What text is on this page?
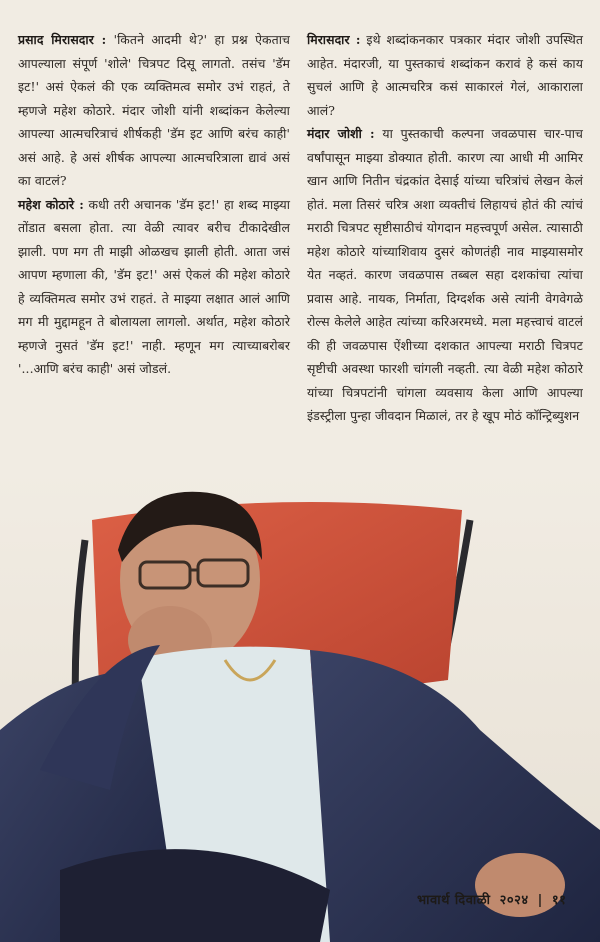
प्रसाद मिरासदार : 'कितने आदमी थे?' हा प्रश्न ऐकताच आपल्याला संपूर्ण 'शोले' चित्रपट दिसू लागतो. तसंच 'डॅम इट!' असं ऐकलं की एक व्यक्तिमत्व समोर उभं राहतं, ते म्हणजे महेश कोठारे. मंदार जोशी यांनी शब्दांकन केलेल्या आपल्या आत्मचरित्राचं शीर्षकही 'डॅम इट आणि बरंच काही' असं आहे. हे असं शीर्षक आपल्या आत्मचरित्राला द्यावं असं का वाटलं?

महेश कोठारे : कधी तरी अचानक 'डॅम इट!' हा शब्द माझ्या तोंडात बसला होता. त्या वेळी त्यावर बरीच टीकादेखील झाली. पण मग ती माझी ओळखच झाली होती. आता जसं आपण म्हणाला की, 'डॅम इट!' असं ऐकलं की महेश कोठारे हे व्यक्तिमत्व समोर उभं राहतं. ते माझ्या लक्षात आलं आणि मग मी मुद्दामहून ते बोलायला लागलो. अर्थात, महेश कोठारे म्हणजे नुसतं 'डॅम इट!' नाही. म्हणून मग त्याच्याबरोबर '...आणि बरंच काही' असं जोडलं.

मिरासदार : इथे शब्दांकनकार पत्रकार मंदार जोशी उपस्थित आहेत. मंदारजी, या पुस्तकाचं शब्दांकन करावं हे कसं काय सुचलं आणि हे आत्मचरित्र कसं साकारलं गेलं, आकाराला आलं?

मंदार जोशी : या पुस्तकाची कल्पना जवळपास चार-पाच वर्षांपासून माझ्या डोक्यात होती. कारण त्या आधी मी आमिर खान आणि नितीन चंद्रकांत देसाई यांच्या चरित्रांचं लेखन केलं होतं. मला तिसरं चरित्र अशा व्यक्तीचं लिहायचं होतं की त्यांचं मराठी चित्रपट सृष्टीसाठीचं योगदान महत्त्वपूर्ण असेल. त्यासाठी महेश कोठारे यांच्याशिवाय दुसरं कोणतंही नाव माझ्यासमोर येत नव्हतं. कारण जवळपास तब्बल सहा दशकांचा त्यांचा प्रवास आहे. नायक, निर्माता, दिग्दर्शक असे त्यांनी वेगवेगळे रोल्स केलेले आहेत त्यांच्या करिअरमध्ये. मला महत्त्वाचं वाटलं की ही जवळपास ऐंशीच्या दशकात आपल्या मराठी चित्रपट सृष्टीची अवस्था फारशी चांगली नव्हती. त्या वेळी महेश कोठारे यांच्या चित्रपटांनी चांगला व्यवसाय केला आणि आपल्या इंडस्ट्रीला पुन्हा जीवदान मिळालं, तर हे खूप मोठं कॉन्ट्रिब्युशन

भावार्थ दिवाळी २०२४ | ११
